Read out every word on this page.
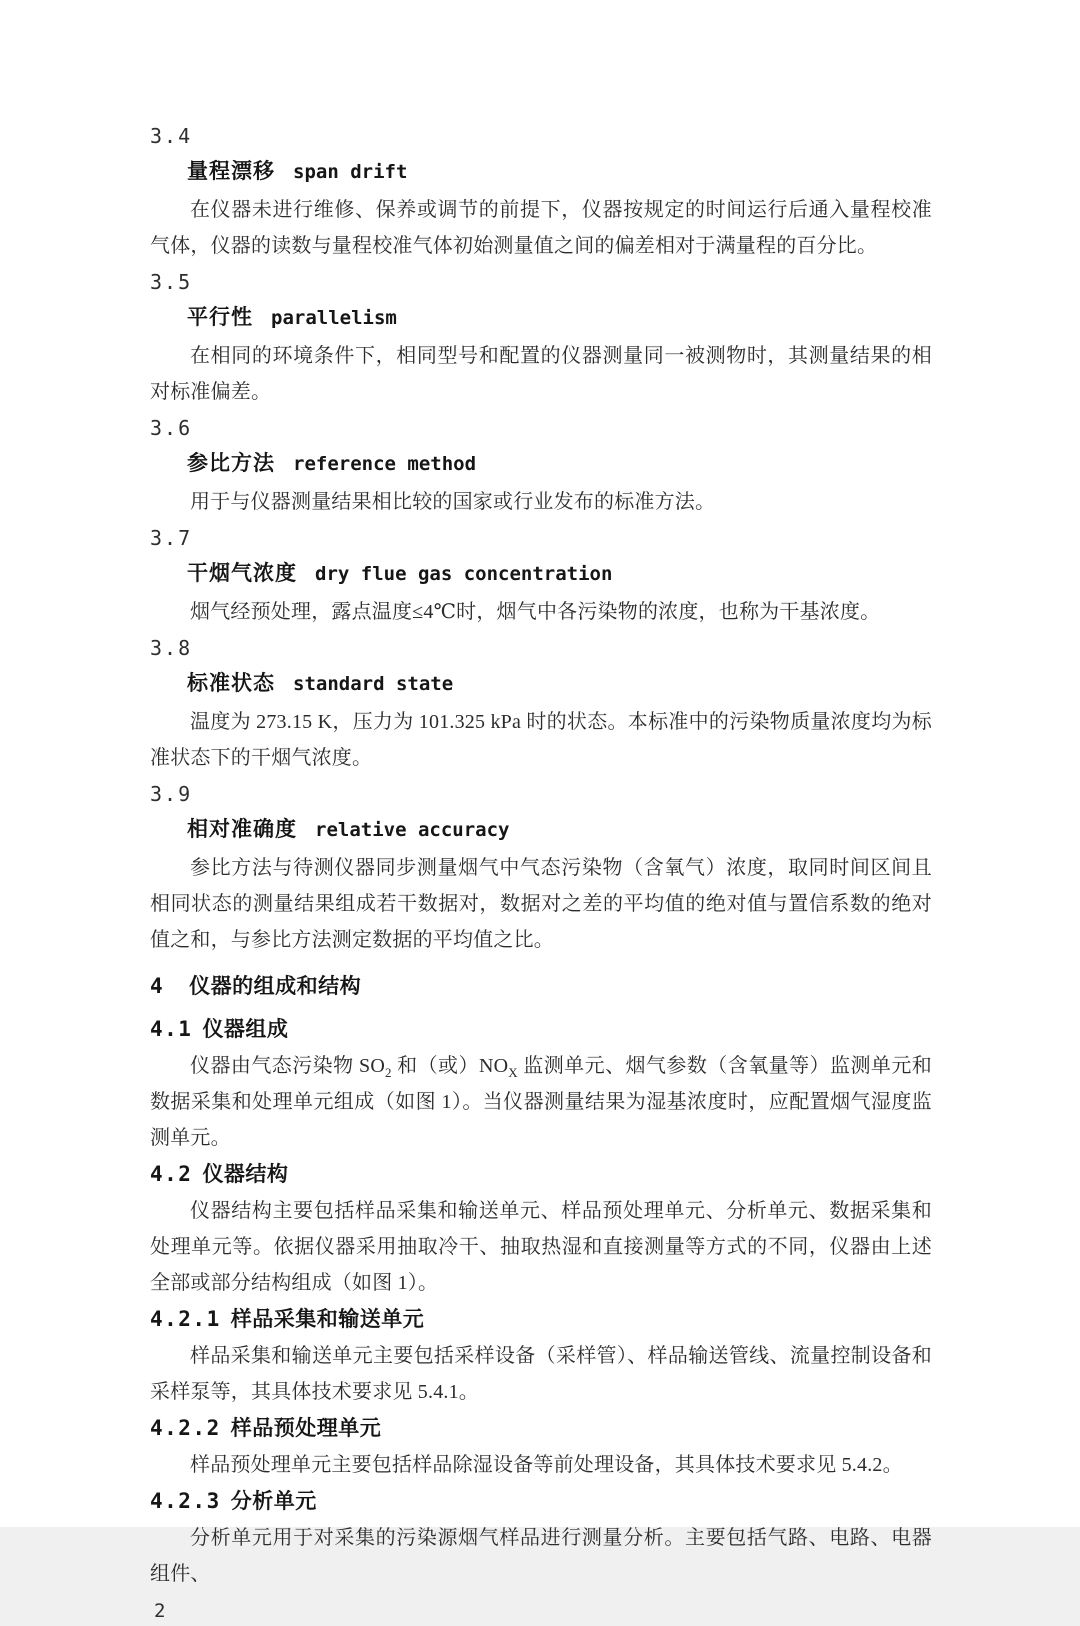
3.4
量程漂移 span drift

在仪器未进行维修、保养或调节的前提下，仪器按规定的时间运行后通入量程校准气体，仪器的读数与量程校准气体初始测量值之间的偏差相对于满量程的百分比。

3.5
平行性 parallelism

在相同的环境条件下，相同型号和配置的仪器测量同一被测物时，其测量结果的相对标准偏差。

3.6
参比方法 reference method

用于与仪器测量结果相比较的国家或行业发布的标准方法。

3.7
干烟气浓度 dry flue gas concentration

烟气经预处理，露点温度≤4℃时，烟气中各污染物的浓度，也称为干基浓度。

3.8
标准状态 standard state

温度为 273.15 K，压力为 101.325 kPa 时的状态。本标准中的污染物质量浓度均为标准状态下的干烟气浓度。

3.9
相对准确度 relative accuracy

参比方法与待测仪器同步测量烟气中气态污染物（含氧气）浓度，取同时间区间且相同状态的测量结果组成若干数据对，数据对之差的平均值的绝对值与置信系数的绝对值之和，与参比方法测定数据的平均值之比。

4 仪器的组成和结构
4.1 仪器组成

仪器由气态污染物 $SO_2$ 和（或）$NO_X$ 监测单元、烟气参数（含氧量等）监测单元和数据采集和处理单元组成（如图 1）。当仪器测量结果为湿基浓度时，应配置烟气湿度监测单元。

4.2 仪器结构

仪器结构主要包括样品采集和输送单元、样品预处理单元、分析单元、数据采集和处理单元等。依据仪器采用抽取冷干、抽取热湿和直接测量等方式的不同，仪器由上述全部或部分结构组成（如图 1）。

4.2.1 样品采集和输送单元

样品采集和输送单元主要包括采样设备（采样管）、样品输送管线、流量控制设备和采样泵等，其具体技术要求见 5.4.1。

4.2.2 样品预处理单元

样品预处理单元主要包括样品除湿设备等前处理设备，其具体技术要求见 5.4.2。

4.2.3 分析单元

分析单元用于对采集的污染源烟气样品进行测量分析。主要包括气路、电路、电器组件、

2
